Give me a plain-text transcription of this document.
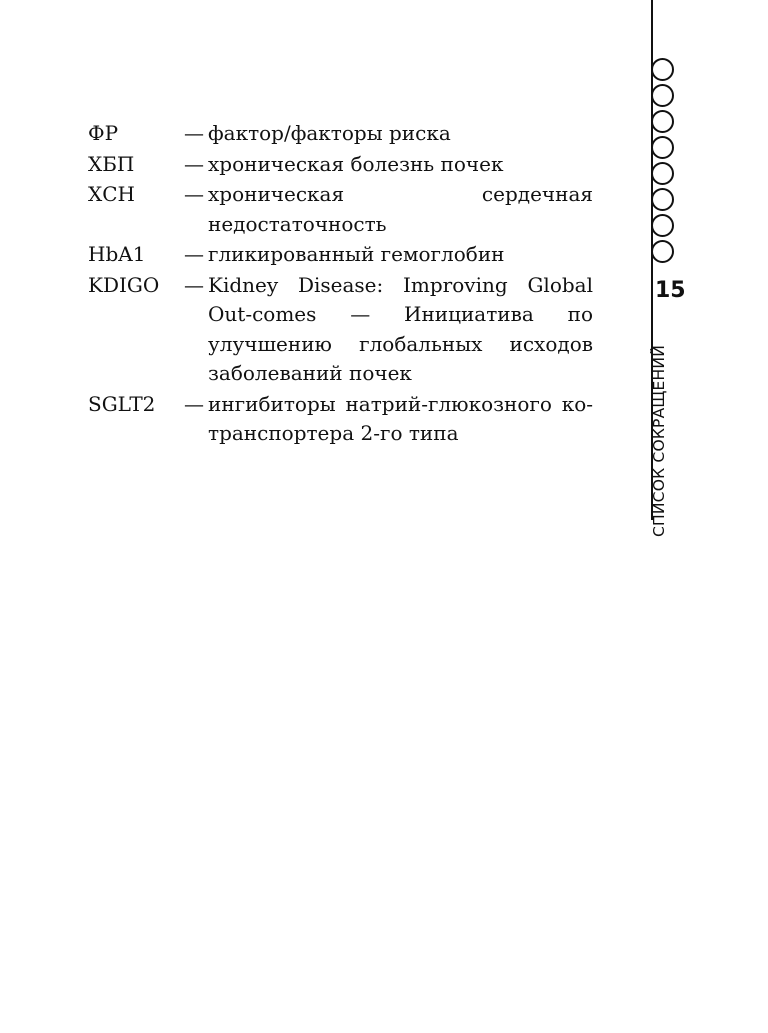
ФР	— фактор/факторы риска
ХБП	— хроническая болезнь почек
ХСН	— хроническая сердечная недостаточность
HbA1	— гликированный гемоглобин
KDIGO	— Kidney Disease: Improving Global Out-comes — Инициатива по улучшению глобальных исходов заболеваний почек
SGLT2	— ингибиторы натрий-глюкозного ко-транспортера 2-го типа
15
СПИСОК СОКРАЩЕНИЙ
